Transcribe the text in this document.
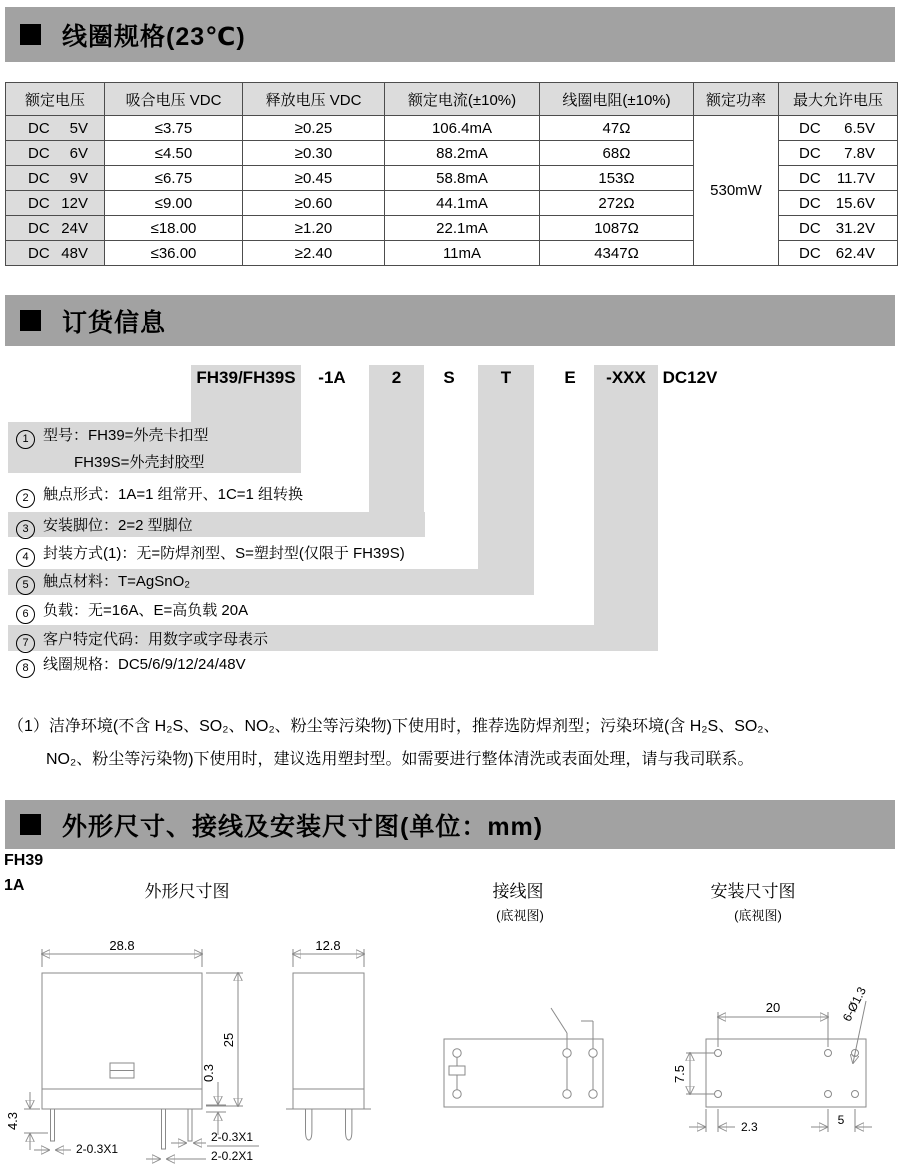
线圈规格(23℃)
额定电压	吸合电压 VDC	释放电压 VDC	额定电流(±10%)	线圈电阻(±10%)	额定功率	最大允许电压

DC 5V	≤3.75	≥0.25	106.4mA	47Ω	530mW	DC 6.5V

DC 6V	≤4.50	≥0.30	88.2mA	68Ω		DC 7.8V

DC 9V	≤6.75	≥0.45	58.8mA	153Ω		DC 11.7V

DC 12V	≤9.00	≥0.60	44.1mA	272Ω		DC 15.6V

DC 24V	≤18.00	≥1.20	22.1mA	1087Ω		DC 31.2V

DC 48V	≤36.00	≥2.40	11mA	4347Ω		DC 62.4V
订货信息
FH39/FH39S	-1A	2	S	T	E	-XXX DC12V
1 型号：FH39=外壳卡扣型
FH39S=外壳封胶型
2 触点形式：1A=1 组常开、1C=1 组转换
3 安装脚位：2=2 型脚位
4 封装方式(1)：无=防焊剂型、S=塑封型(仅限于 FH39S)
5 触点材料：T=AgSnO₂
6 负载：无=16A、E=高负载 20A
7 客户特定代码：用数字或字母表示
8 线圈规格：DC5/6/9/12/24/48V
（1）洁净环境(不含 H₂S、SO₂、NO₂、粉尘等污染物)下使用时，推荐选防焊剂型；污染环境(含 H₂S、SO₂、
NO₂、粉尘等污染物)下使用时，建议选用塑封型。如需要进行整体清洗或表面处理，请与我司联系。
外形尺寸、接线及安装尺寸图(单位：mm)
FH39
1A	外形尺寸图	接线图
(底视图)
安装尺寸图
(底视图)
28.8
25
0.3
4.3
2-0.3X1
2-0.3X1
2-0.2X1
12.8
20
7.5
2.3	5
6-Ø1.3
